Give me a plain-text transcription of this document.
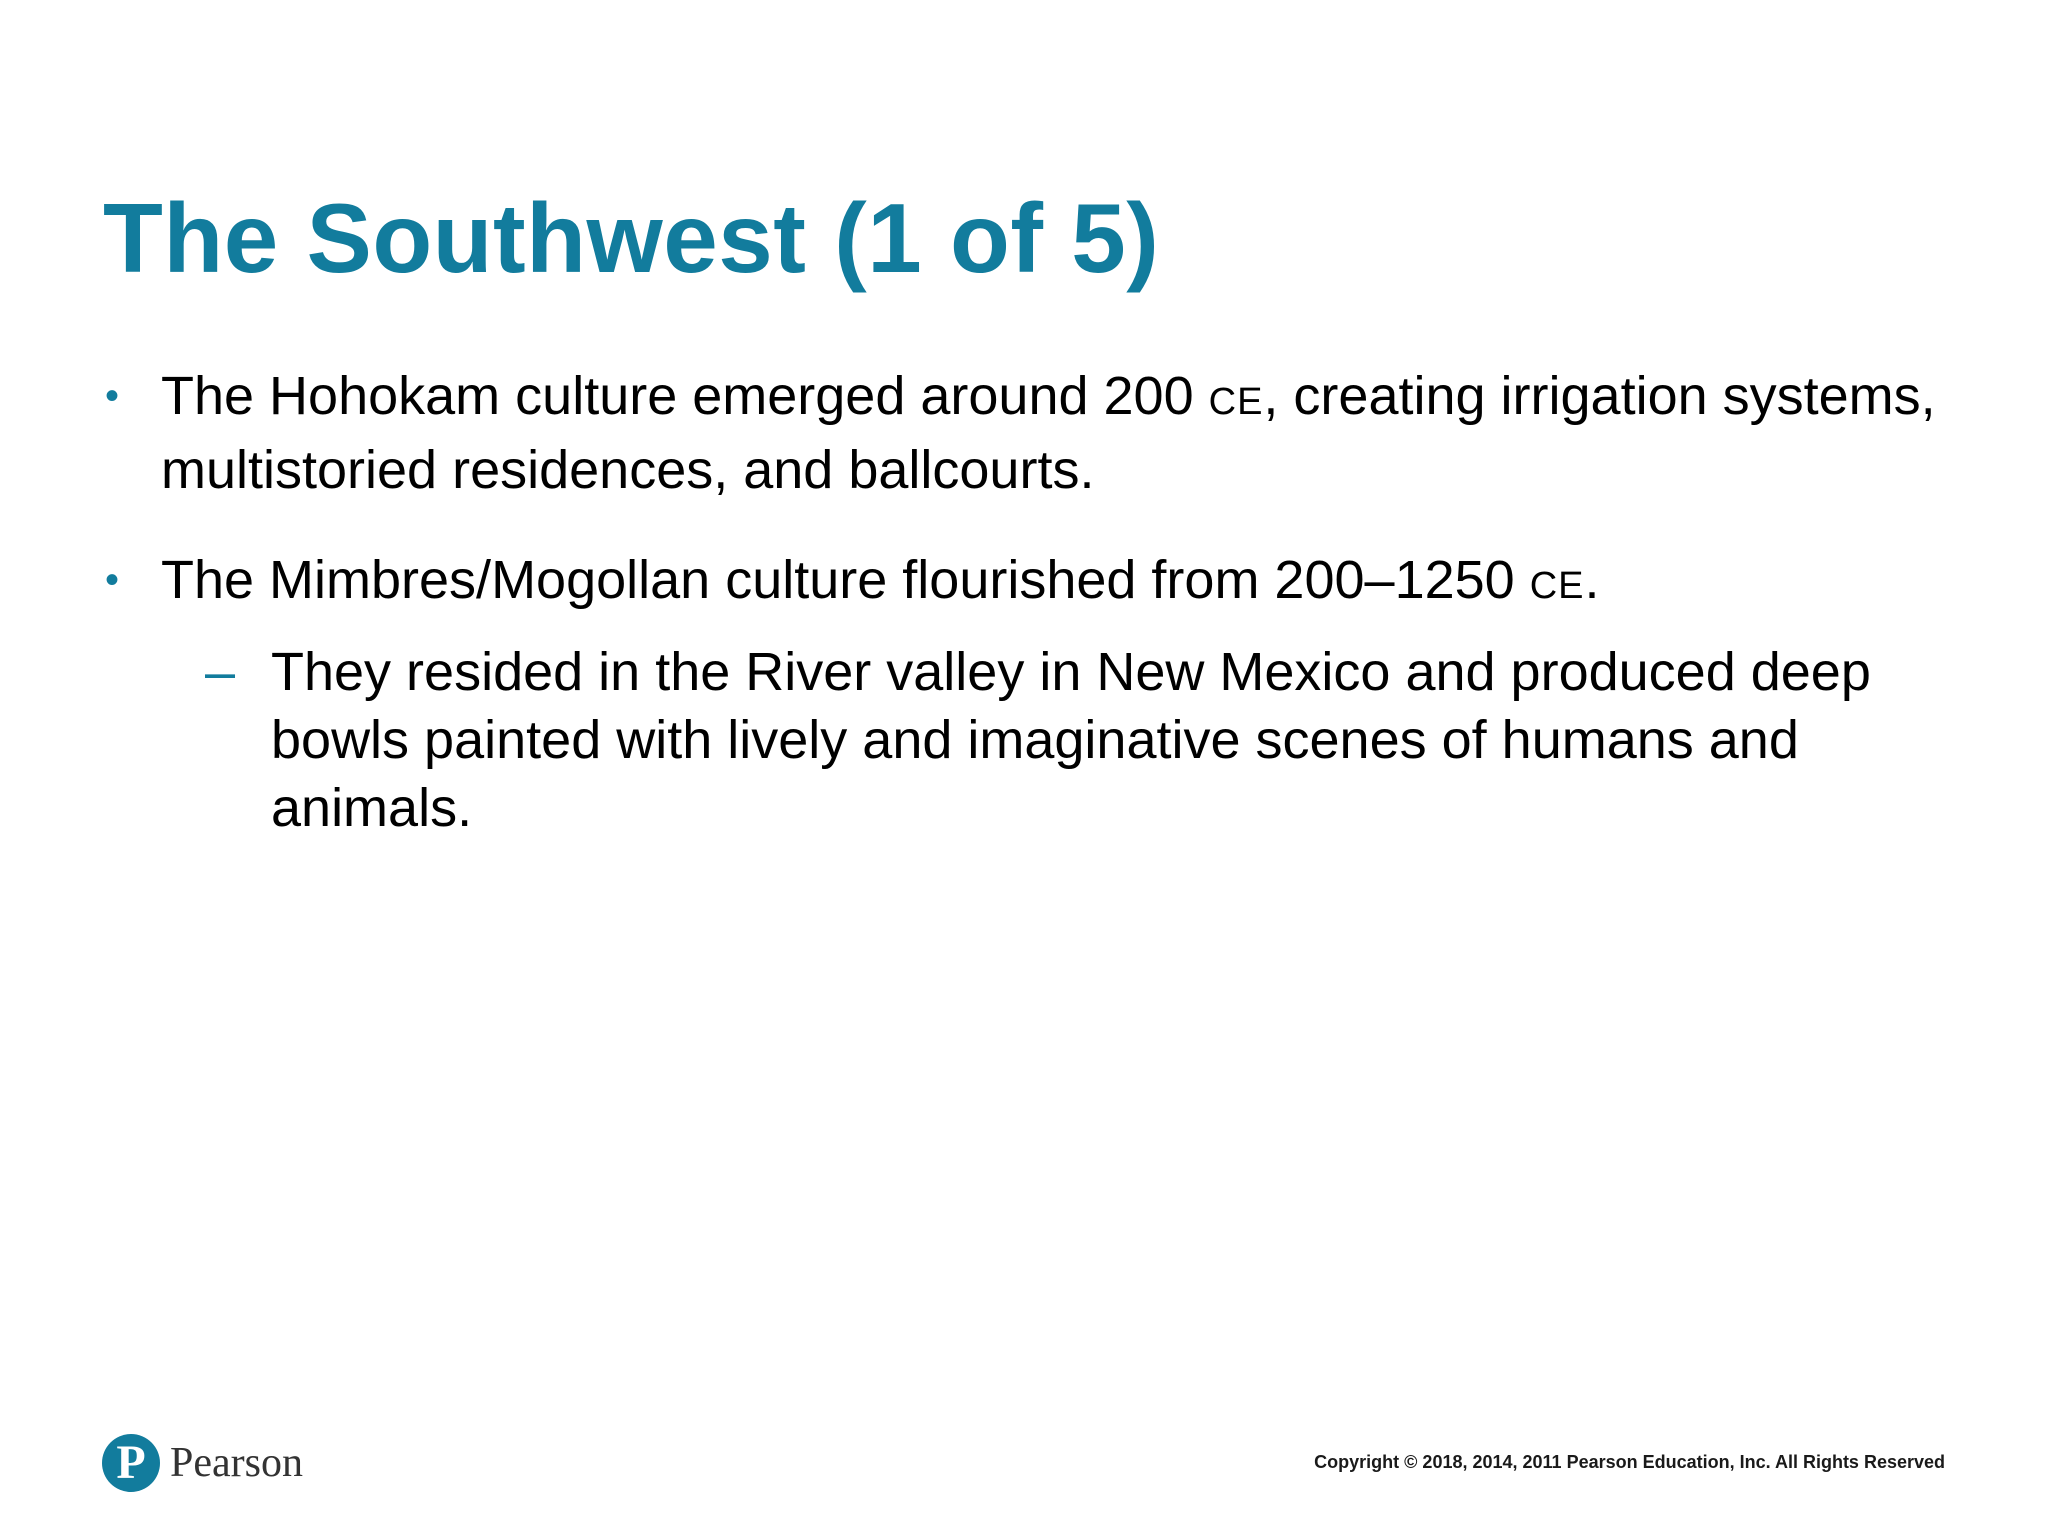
The Southwest (1 of 5)
• The Hohokam culture emerged around 200 CE, creating irrigation systems, multistoried residences, and ballcourts.
• The Mimbres/Mogollan culture flourished from 200–1250 CE.
– They resided in the River valley in New Mexico and produced deep bowls painted with lively and imaginative scenes of humans and animals.
P Pearson	Copyright © 2018, 2014, 2011 Pearson Education, Inc. All Rights Reserved
